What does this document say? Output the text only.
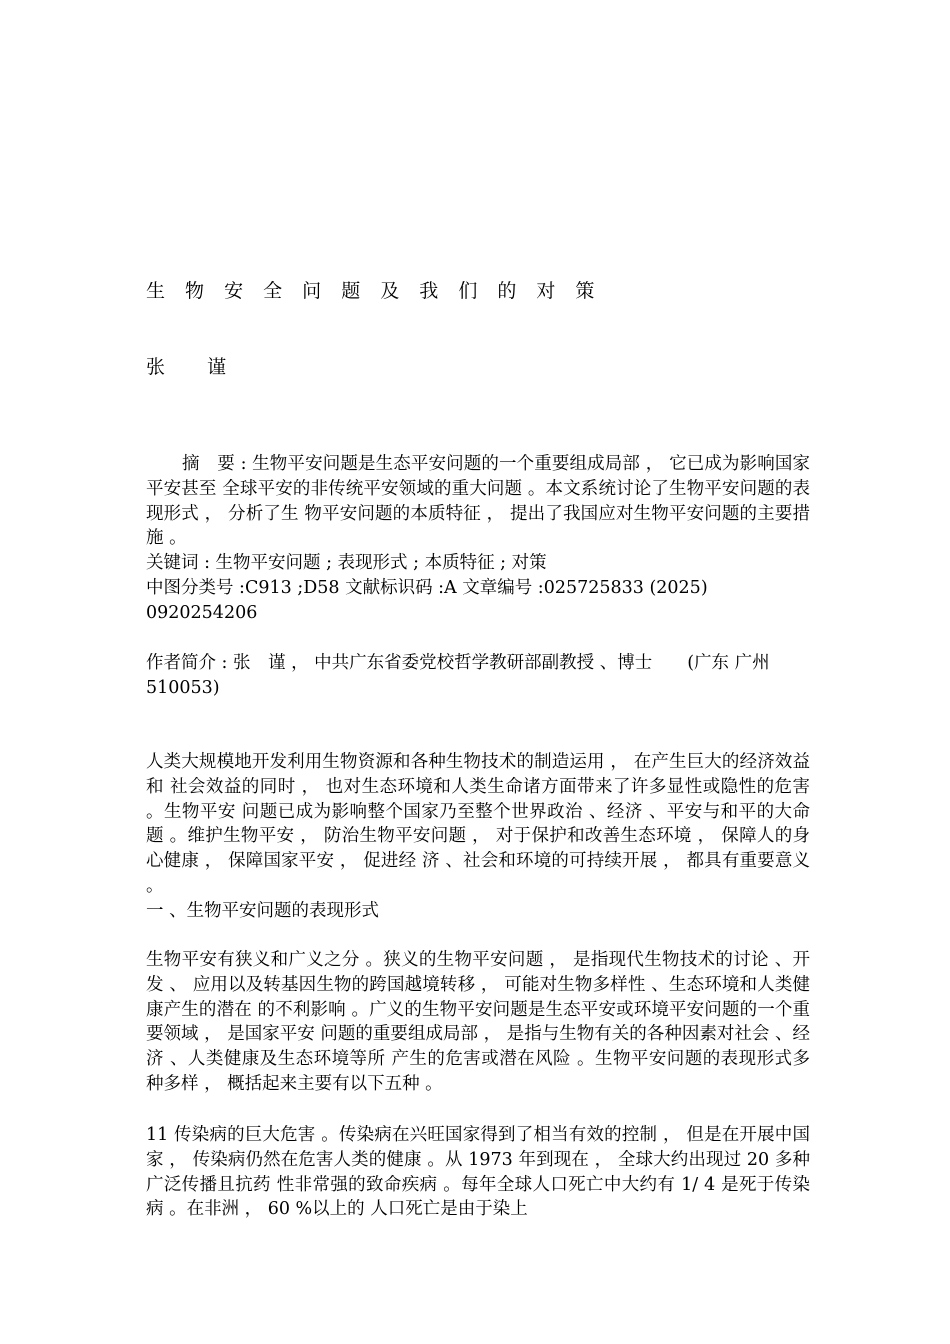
生 物 安 全 问 题 及 我 们 的 对 策
张 谨
摘　要 : 生物平安问题是生态平安问题的一个重要组成局部 ， 它已成为影响国家平安甚至 全球平安的非传统平安领域的重大问题 。本文系统讨论了生物平安问题的表现形式 ， 分析了生 物平安问题的本质特征 ， 提出了我国应对生物平安问题的主要措施 。
关键词 : 生物平安问题 ; 表现形式 ; 本质特征 ; 对策
中图分类号 :C913 ;D58 文献标识码 :A 文章编号 :025725833 (2025) 0920254206
作者简介 : 张　谨 ， 中共广东省委党校哲学教研部副教授 、博士　　(广东 广州 510053)
人类大规模地开发利用生物资源和各种生物技术的制造运用 ， 在产生巨大的经济效益和 社会效益的同时 ， 也对生态环境和人类生命诸方面带来了许多显性或隐性的危害 。生物平安 问题已成为影响整个国家乃至整个世界政治 、经济 、平安与和平的大命题 。维护生物平安 ， 防治生物平安问题 ， 对于保护和改善生态环境 ， 保障人的身心健康 ， 保障国家平安 ， 促进经 济 、社会和环境的可持续开展 ， 都具有重要意义 。
一 、生物平安问题的表现形式
生物平安有狭义和广义之分 。狭义的生物平安问题 ， 是指现代生物技术的讨论 、开发 、 应用以及转基因生物的跨国越境转移 ， 可能对生物多样性 、生态环境和人类健康产生的潜在 的不利影响 。广义的生物平安问题是生态平安或环境平安问题的一个重要领域 ， 是国家平安 问题的重要组成局部 ， 是指与生物有关的各种因素对社会 、经济 、人类健康及生态环境等所 产生的危害或潜在风险 。生物平安问题的表现形式多种多样 ， 概括起来主要有以下五种 。
11 传染病的巨大危害 。传染病在兴旺国家得到了相当有效的控制 ， 但是在开展中国家 ， 传染病仍然在危害人类的健康 。从 1973 年到现在 ， 全球大约出现过 20 多种广泛传播且抗药 性非常强的致命疾病 。每年全球人口死亡中大约有 1/ 4 是死于传染病 。在非洲 ， 60 %以上的 人口死亡是由于染上
